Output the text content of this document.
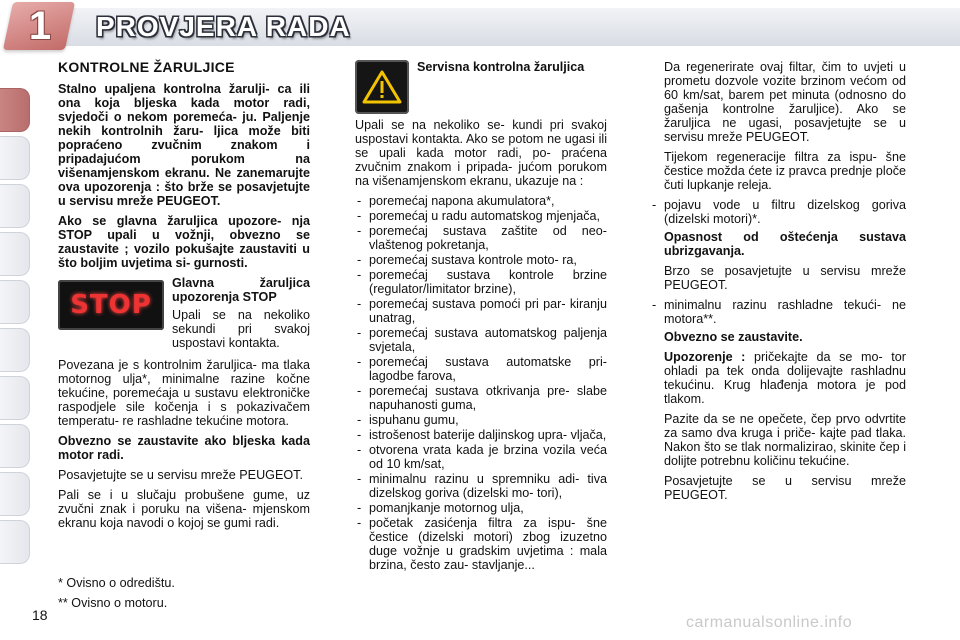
1	PROVJERA RADA
KONTROLNE ŽARULJICE

Stalno upaljena kontrolna žarulji- ca ili ona koja bljeska kada motor radi, svjedoči o nekom poremeća- ju. Paljenje nekih kontrolnih žaru- ljica može biti popraćeno zvučnim znakom i pripadajućom porukom na višenamjenskom ekranu. Ne zanemarujte ova upozorenja : što brže se posavjetujte u servisu mreže PEUGEOT.

Ako se glavna žaruljica upozore- nja STOP upali u vožnji, obvezno se zaustavite ; vozilo pokušajte zaustaviti u što boljim uvjetima si- gurnosti.

STOP

Glavna žaruljica upozorenja STOP

Upali se na nekoliko sekundi pri svakoj uspostavi kontakta.

Povezana je s kontrolnim žaruljica- ma tlaka motornog ulja*, minimalne razine kočne tekućine, poremećaja u sustavu elektroničke raspodjele sile kočenja i s pokazivačem temperatu- re rashladne tekućine motora.

Obvezno se zaustavite ako bljeska kada motor radi.

Posavjetujte se u servisu mreže PEUGEOT.

Pali se i u slučaju probušene gume, uz zvučni znak i poruku na višena- mjenskom ekranu koja navodi o kojoj se gumi radi.

Servisna kontrolna žaruljica

Upali se na nekoliko se- kundi pri svakoj uspostavi kontakta. Ako se potom ne ugasi ili se upali kada motor radi, po- praćena zvučnim znakom i pripada- jućom porukom na višenamjenskom ekranu, ukazuje na :

- poremećaj napona akumulatora*,
- poremećaj u radu automatskog mjenjača,
- poremećaj sustava zaštite od neo- vlaštenog pokretanja,
- poremećaj sustava kontrole moto- ra,
- poremećaj sustava kontrole brzine (regulator/limitator brzine),
- poremećaj sustava pomoći pri par- kiranju unatrag,
- poremećaj sustava automatskog paljenja svjetala,
- poremećaj sustava automatske pri- lagodbe farova,
- poremećaj sustava otkrivanja pre- slabe napuhanosti guma,
- ispuhanu gumu,
- istrošenost baterije daljinskog upra- vljača,
- otvorena vrata kada je brzina vozila veća od 10 km/sat,
- minimalnu razinu u spremniku adi- tiva dizelskog goriva (dizelski mo- tori),
- pomanjkanje motornog ulja,
- početak zasićenja filtra za ispu- šne čestice (dizelski motori) zbog izuzetno duge vožnje u gradskim uvjetima : mala brzina, često zau- stavljanje...

Da regenerirate ovaj filtar, čim to uvjeti u prometu dozvole vozite brzinom većom od 60 km/sat, barem pet minuta (odnosno do gašenja kontrolne žaruljice). Ako se žaruljica ne ugasi, posavjetujte se u servisu mreže PEUGEOT.

Tijekom regeneracije filtra za ispu- šne čestice možda ćete iz pravca prednje ploče čuti lupkanje releja.

- pojavu vode u filtru dizelskog goriva (dizelski motori)*.

Opasnost od oštećenja sustava ubrizgavanja.

Brzo se posavjetujte u servisu mreže PEUGEOT.

- minimalnu razinu rashladne tekući- ne motora**.

Obvezno se zaustavite.

Upozorenje : pričekajte da se mo- tor ohladi pa tek onda dolijevajte rashladnu tekućinu. Krug hlađenja motora je pod tlakom.

Pazite da se ne opečete, čep prvo odvrtite za samo dva kruga i priče- kajte pad tlaka. Nakon što se tlak normalizirao, skinite čep i dolijte potrebnu količinu tekućine.

Posavjetujte se u servisu mreže PEUGEOT.

* Ovisno o odredištu.
** Ovisno o motoru.
18	carmanualsonline.info
